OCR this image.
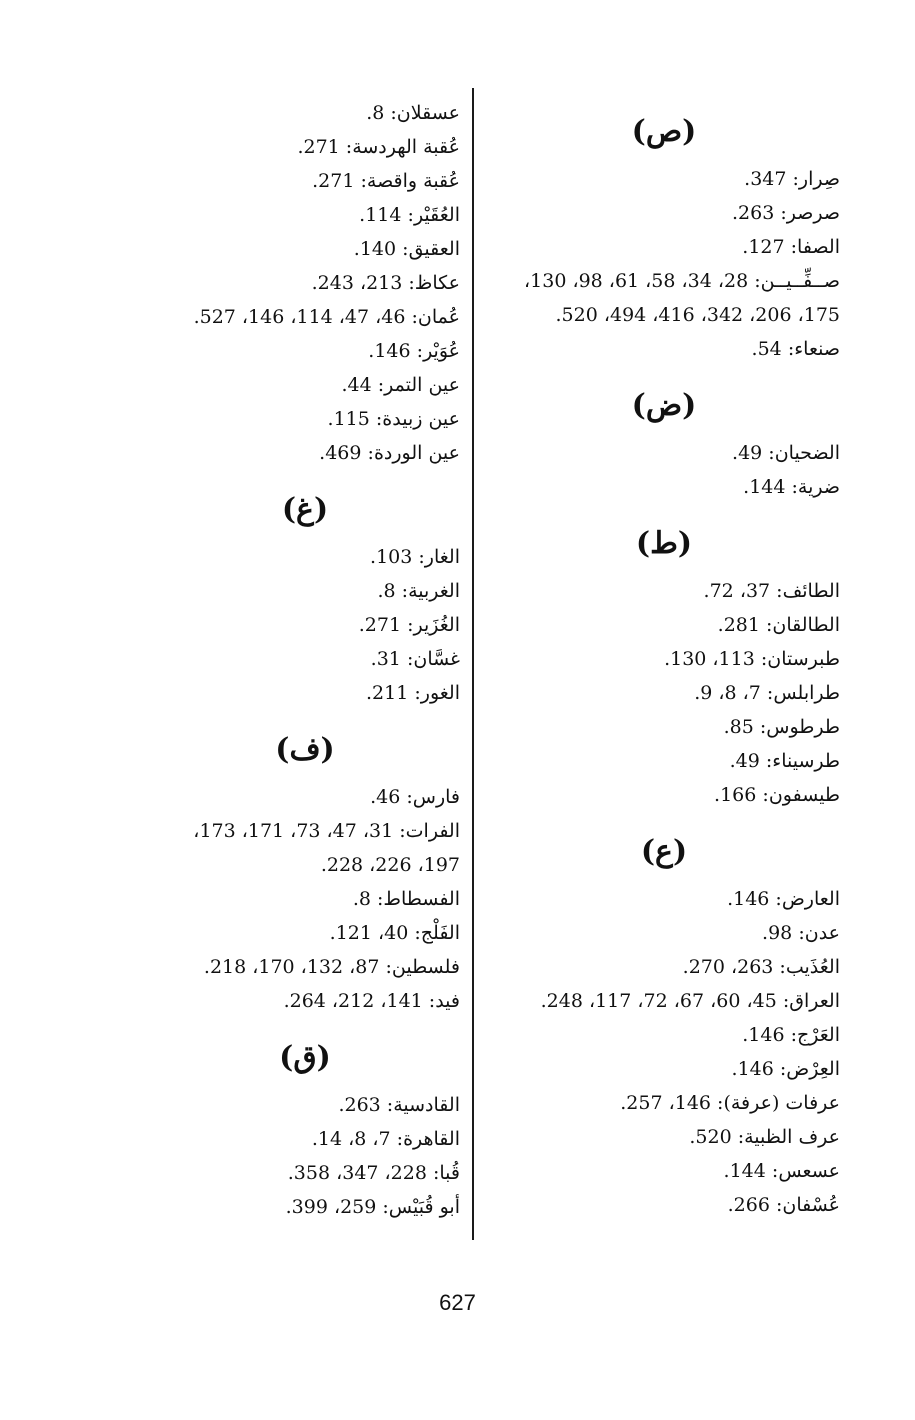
(ص)
صِرار: 347.
صرصر: 263.
الصفا: 127.
صــفِّــيــن: 28، 34، 58، 61، 98، 130، 175، 206، 342، 416، 494، 520.
صنعاء: 54.
(ض)
الضحيان: 49.
ضرية: 144.
(ط)
الطائف: 37، 72.
الطالقان: 281.
طبرستان: 113، 130.
طرابلس: 7، 8، 9.
طرطوس: 85.
طرسيناء: 49.
طيسفون: 166.
(ع)
العارض: 146.
عدن: 98.
العُذَيب: 263، 270.
العراق: 45، 60، 67، 72، 117، 248.
العَرْج: 146.
العِرْض: 146.
عرفات (عرفة): 146، 257.
عرف الظبية: 520.
عسعس: 144.
عُسْفان: 266.
عسقلان: 8.
عُقبة الهردسة: 271.
عُقبة واقصة: 271.
العُقَيْر: 114.
العقيق: 140.
عكاظ: 213، 243.
عُمان: 46، 47، 114، 146، 527.
عُوَيْر: 146.
عين التمر: 44.
عين زبيدة: 115.
عين الوردة: 469.
(غ)
الغار: 103.
الغربية: 8.
الغُزَير: 271.
غسَّان: 31.
الغور: 211.
(ف)
فارس: 46.
الفرات: 31، 47، 73، 171، 173، 197، 226، 228.
الفسطاط: 8.
الفَلْج: 40، 121.
فلسطين: 87، 132، 170، 218.
فيد: 141، 212، 264.
(ق)
القادسية: 263.
القاهرة: 7، 8، 14.
قُبا: 228، 347، 358.
أبو قُبَيْس: 259، 399.
627
